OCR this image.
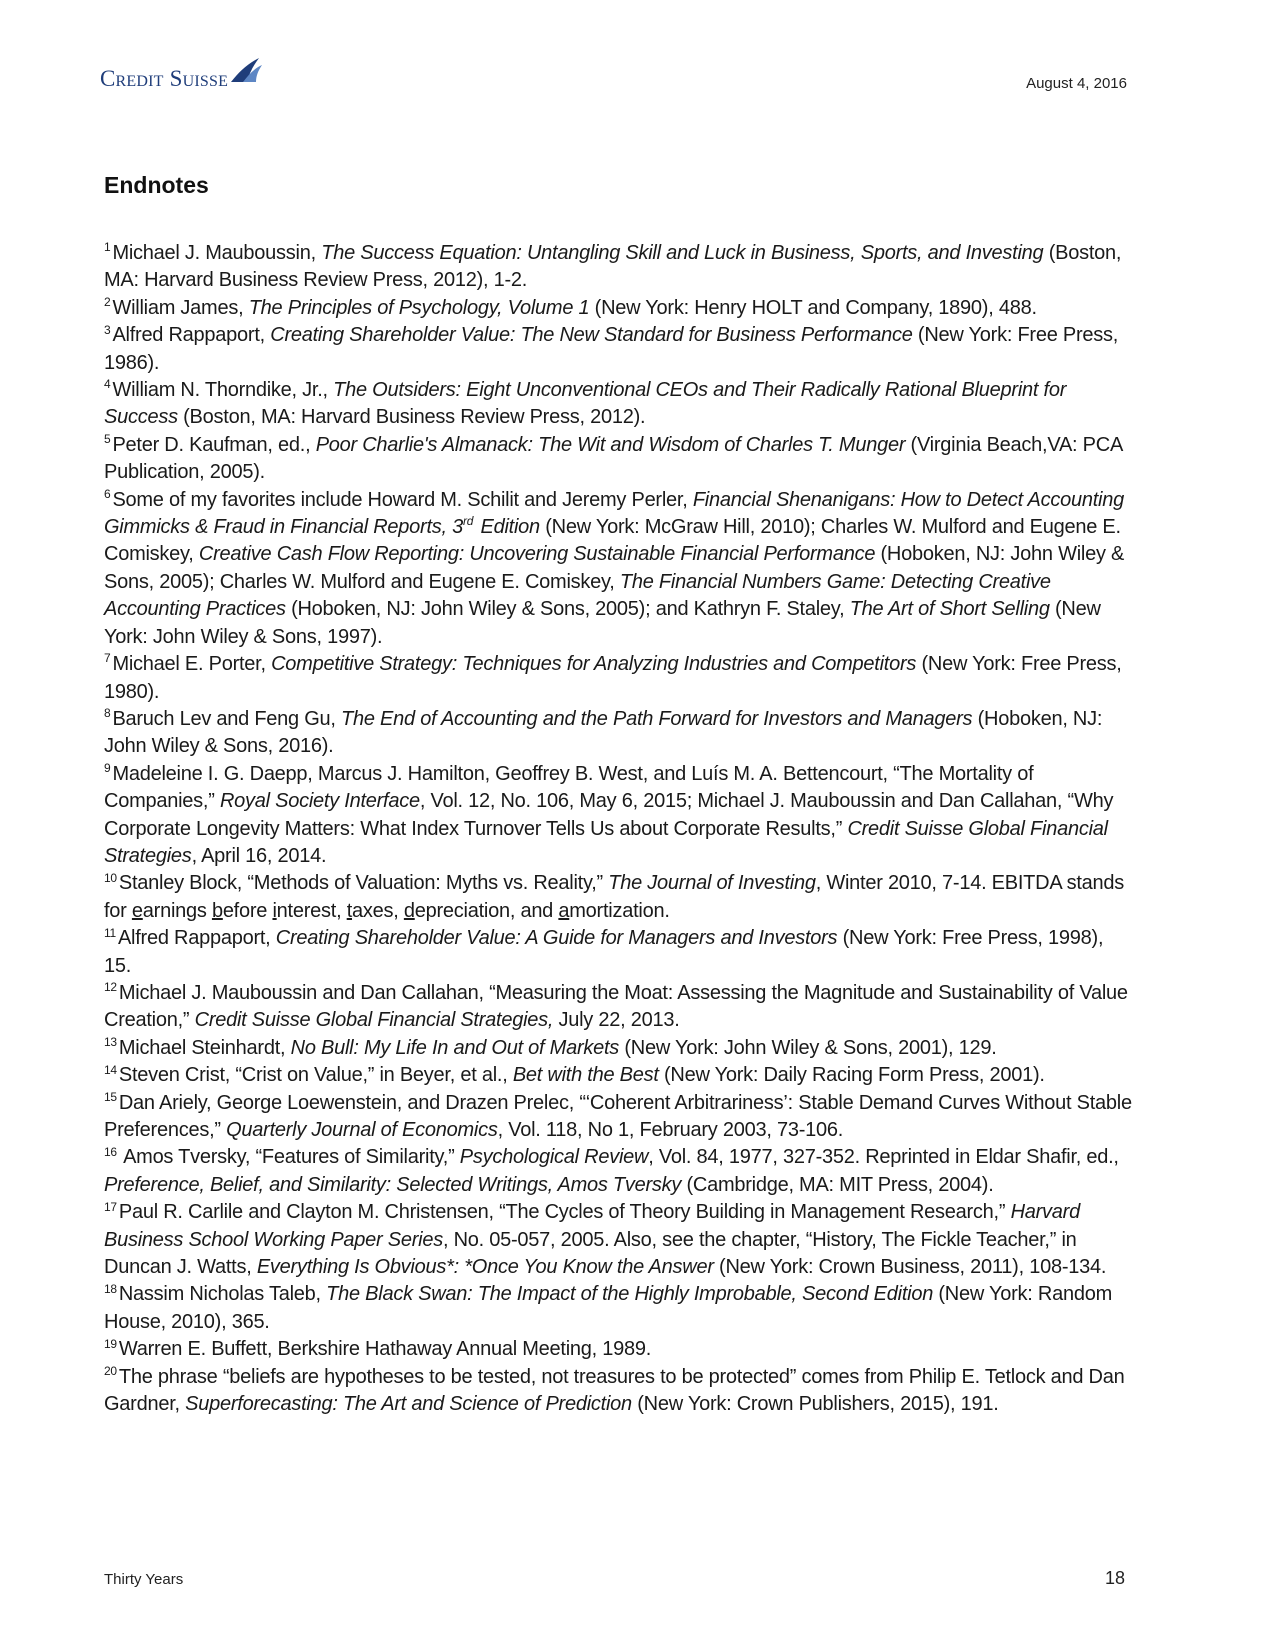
Credit Suisse	August 4, 2016
Endnotes

$^1$ Michael J. Mauboussin, The Success Equation: Untangling Skill and Luck in Business, Sports, and Investing (Boston, MA: Harvard Business Review Press, 2012), 1-2.

$^2$ William James, The Principles of Psychology, Volume 1 (New York: Henry HOLT and Company, 1890), 488.

$^3$ Alfred Rappaport, Creating Shareholder Value: The New Standard for Business Performance (New York: Free Press, 1986).

$^4$ William N. Thorndike, Jr., The Outsiders: Eight Unconventional CEOs and Their Radically Rational Blueprint for Success (Boston, MA: Harvard Business Review Press, 2012).

$^5$ Peter D. Kaufman, ed., Poor Charlie's Almanack: The Wit and Wisdom of Charles T. Munger (Virginia Beach,VA: PCA Publication, 2005).

$^6$ Some of my favorites include Howard M. Schilit and Jeremy Perler, Financial Shenanigans: How to Detect Accounting Gimmicks & Fraud in Financial Reports, 3rd Edition (New York: McGraw Hill, 2010); Charles W. Mulford and Eugene E. Comiskey, Creative Cash Flow Reporting: Uncovering Sustainable Financial Performance (Hoboken, NJ: John Wiley & Sons, 2005); Charles W. Mulford and Eugene E. Comiskey, The Financial Numbers Game: Detecting Creative Accounting Practices (Hoboken, NJ: John Wiley & Sons, 2005); and Kathryn F. Staley, The Art of Short Selling (New York: John Wiley & Sons, 1997).

$^7$ Michael E. Porter, Competitive Strategy: Techniques for Analyzing Industries and Competitors (New York: Free Press, 1980).

$^8$ Baruch Lev and Feng Gu, The End of Accounting and the Path Forward for Investors and Managers (Hoboken, NJ: John Wiley & Sons, 2016).

$^9$ Madeleine I. G. Daepp, Marcus J. Hamilton, Geoffrey B. West, and Luís M. A. Bettencourt, “The Mortality of Companies,” Royal Society Interface, Vol. 12, No. 106, May 6, 2015; Michael J. Mauboussin and Dan Callahan, “Why Corporate Longevity Matters: What Index Turnover Tells Us about Corporate Results,” Credit Suisse Global Financial Strategies, April 16, 2014.

$^{10}$ Stanley Block, “Methods of Valuation: Myths vs. Reality,” The Journal of Investing, Winter 2010, 7-14. EBITDA stands for earnings before interest, taxes, depreciation, and amortization.

$^{11}$ Alfred Rappaport, Creating Shareholder Value: A Guide for Managers and Investors (New York: Free Press, 1998), 15.

$^{12}$ Michael J. Mauboussin and Dan Callahan, “Measuring the Moat: Assessing the Magnitude and Sustainability of Value Creation,” Credit Suisse Global Financial Strategies, July 22, 2013.

$^{13}$ Michael Steinhardt, No Bull: My Life In and Out of Markets (New York: John Wiley & Sons, 2001), 129.

$^{14}$ Steven Crist, “Crist on Value,” in Beyer, et al., Bet with the Best (New York: Daily Racing Form Press, 2001).

$^{15}$ Dan Ariely, George Loewenstein, and Drazen Prelec, “‘Coherent Arbitrariness’: Stable Demand Curves Without Stable Preferences,” Quarterly Journal of Economics, Vol. 118, No 1, February 2003, 73-106.

$^{16}$ Amos Tversky, “Features of Similarity,” Psychological Review, Vol. 84, 1977, 327-352. Reprinted in Eldar Shafir, ed., Preference, Belief, and Similarity: Selected Writings, Amos Tversky (Cambridge, MA: MIT Press, 2004).

$^{17}$ Paul R. Carlile and Clayton M. Christensen, “The Cycles of Theory Building in Management Research,” Harvard Business School Working Paper Series, No. 05-057, 2005. Also, see the chapter, “History, The Fickle Teacher,” in Duncan J. Watts, Everything Is Obvious*: *Once You Know the Answer (New York: Crown Business, 2011), 108-134.

$^{18}$ Nassim Nicholas Taleb, The Black Swan: The Impact of the Highly Improbable, Second Edition (New York: Random House, 2010), 365.

$^{19}$ Warren E. Buffett, Berkshire Hathaway Annual Meeting, 1989.

$^{20}$ The phrase “beliefs are hypotheses to be tested, not treasures to be protected” comes from Philip E. Tetlock and Dan Gardner, Superforecasting: The Art and Science of Prediction (New York: Crown Publishers, 2015), 191.

Thirty Years	18
